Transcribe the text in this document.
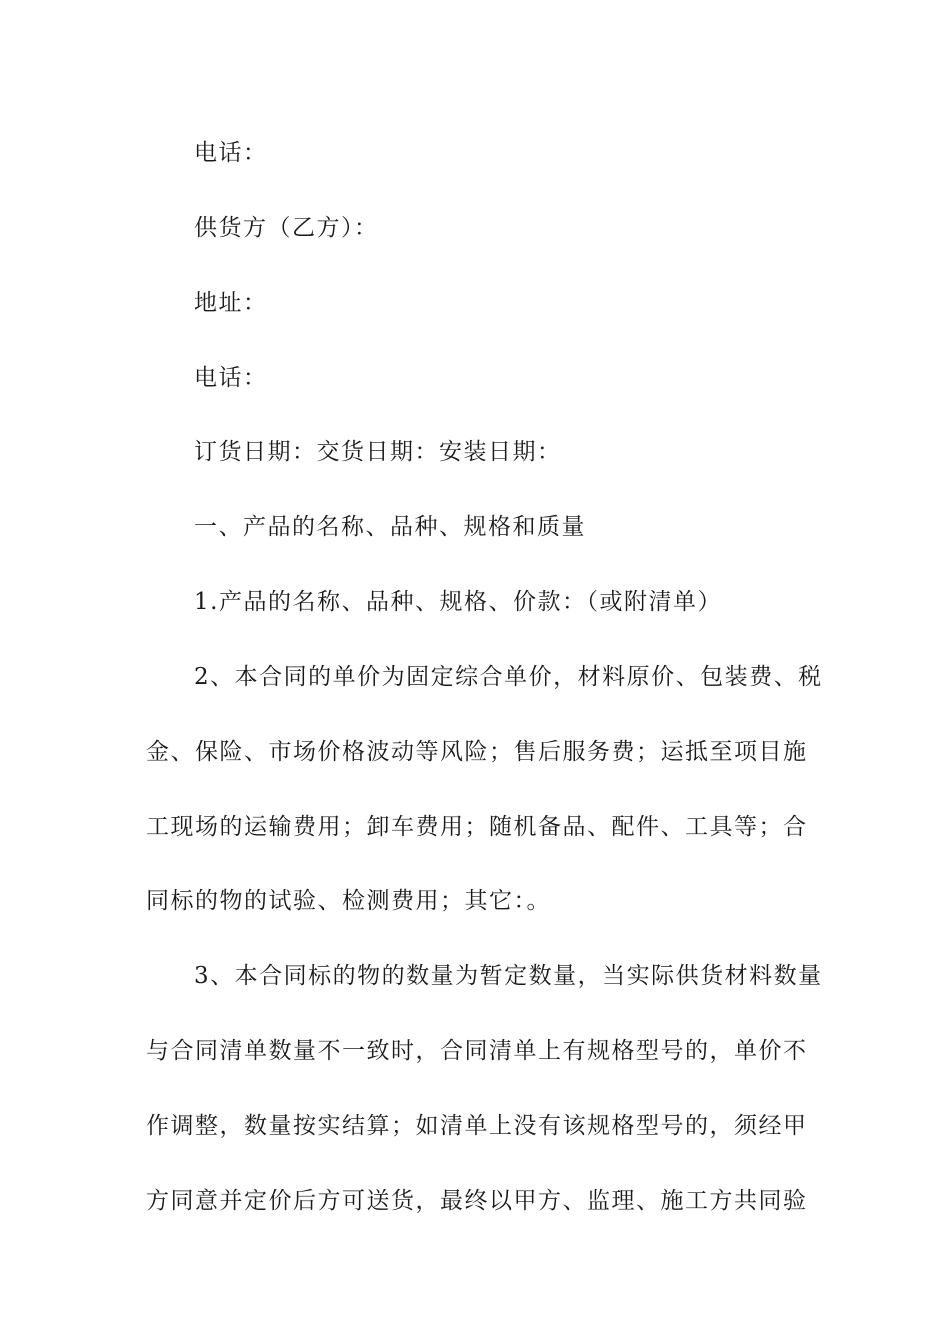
电话：
供货方（乙方）：
地址：
电话：
订货日期：交货日期：安装日期：
一、产品的名称、品种、规格和质量
1.产品的名称、品种、规格、价款：（或附清单）
2、本合同的单价为固定综合单价，材料原价、包装费、税
金、保险、市场价格波动等风险；售后服务费；运抵至项目施
工现场的运输费用；卸车费用；随机备品、配件、工具等；合
同标的物的试验、检测费用；其它：。
3、本合同标的物的数量为暂定数量，当实际供货材料数量
与合同清单数量不一致时，合同清单上有规格型号的，单价不
作调整，数量按实结算；如清单上没有该规格型号的，须经甲
方同意并定价后方可送货，最终以甲方、监理、施工方共同验
